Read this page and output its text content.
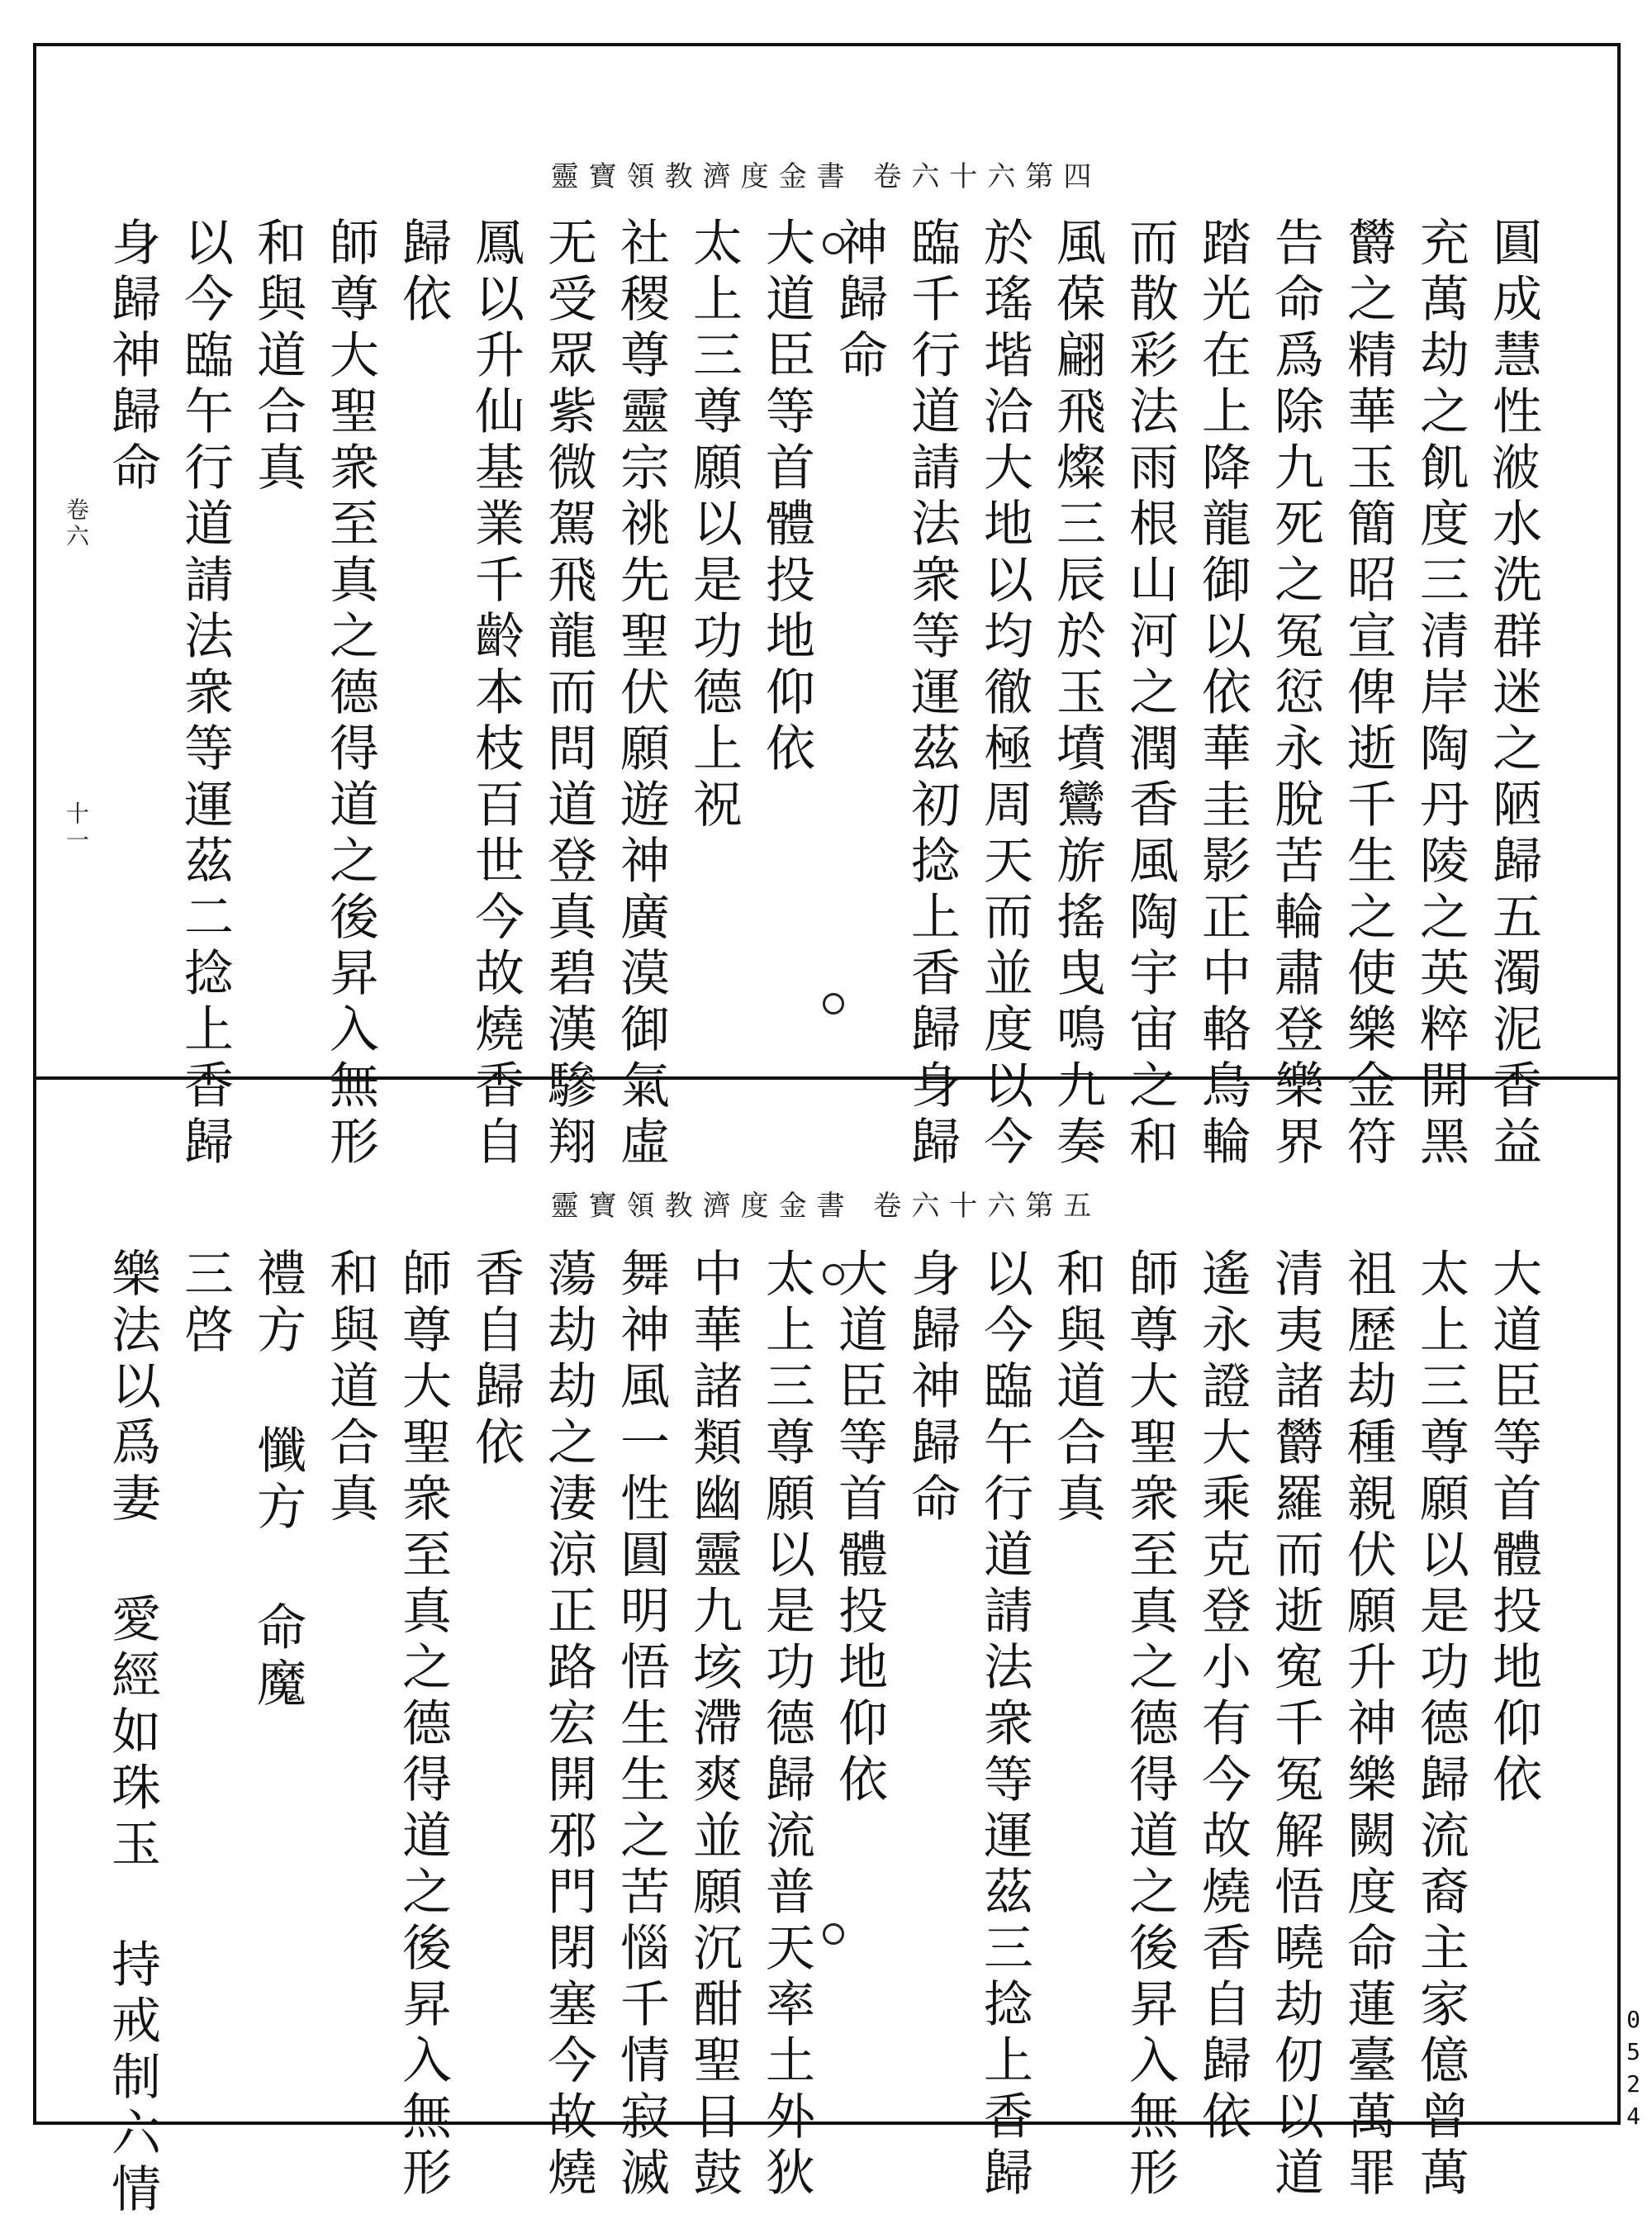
靈寶領教濟度金書 卷六十六第四
靈寶領教濟度金書 卷六十六第五
圓成慧性𣷭水洗群迷之陋歸五濁泥香益
充萬劫之飢度三清岸陶丹陵之英粹開黑
欝之精華玉簡昭宣俾逝千生之使樂金符
告命爲除九死之冤愆永脫苦輪肅登樂界
踏光在上降龍御以依華圭影正中輅鳥輪
而散彩法雨根山河之潤香風陶宇宙之和
風葆翩飛燦三辰於玉墳鸞旂搖曳鳴九奏
於瑤堦洽大地以均徹極周天而並度以今
臨千行道請法衆等運茲初捻上香歸身歸
神歸命
大道臣等首體投地仰依
太上三尊願以是功德上祝
社稷尊靈宗祧先聖伏願遊神廣漠御氣虛
无受眾紫微駕飛龍而問道登真碧漢驂翔
鳳以升仙基業千齡本枝百世今故燒香自
歸依
師尊大聖衆至真之德得道之後昇入無形
和與道合真
以今臨午行道請法衆等運茲二捻上香歸
身歸神歸命
大道臣等首體投地仰依
太上三尊願以是功德歸流裔主家億曾萬
祖歷劫種親伏願升神樂闕度命蓮臺萬罪
清夷諸欝羅而逝寃千冤解悟曉劫仞以道
遙永證大乘克登小有今故燒香自歸依
師尊大聖衆至真之德得道之後昇入無形
和與道合真
以今臨午行道請法衆等運茲三捻上香歸
身歸神歸命
大道臣等首體投地仰依
太上三尊願以是功德歸流普天率土外狄
中華諸類幽靈九垓滯爽並願沉酣聖日鼓
舞神風一性圓明悟生生之苦惱千情寂滅
蕩劫劫之淒涼正路宏開邪門閉塞今故燒
香自歸依
師尊大聖衆至真之德得道之後昇入無形
和與道合真
禮方 懺方 命魔
三啓
樂法以爲妻 愛經如珠玉 持戒制六情
卷六
十一
0524
